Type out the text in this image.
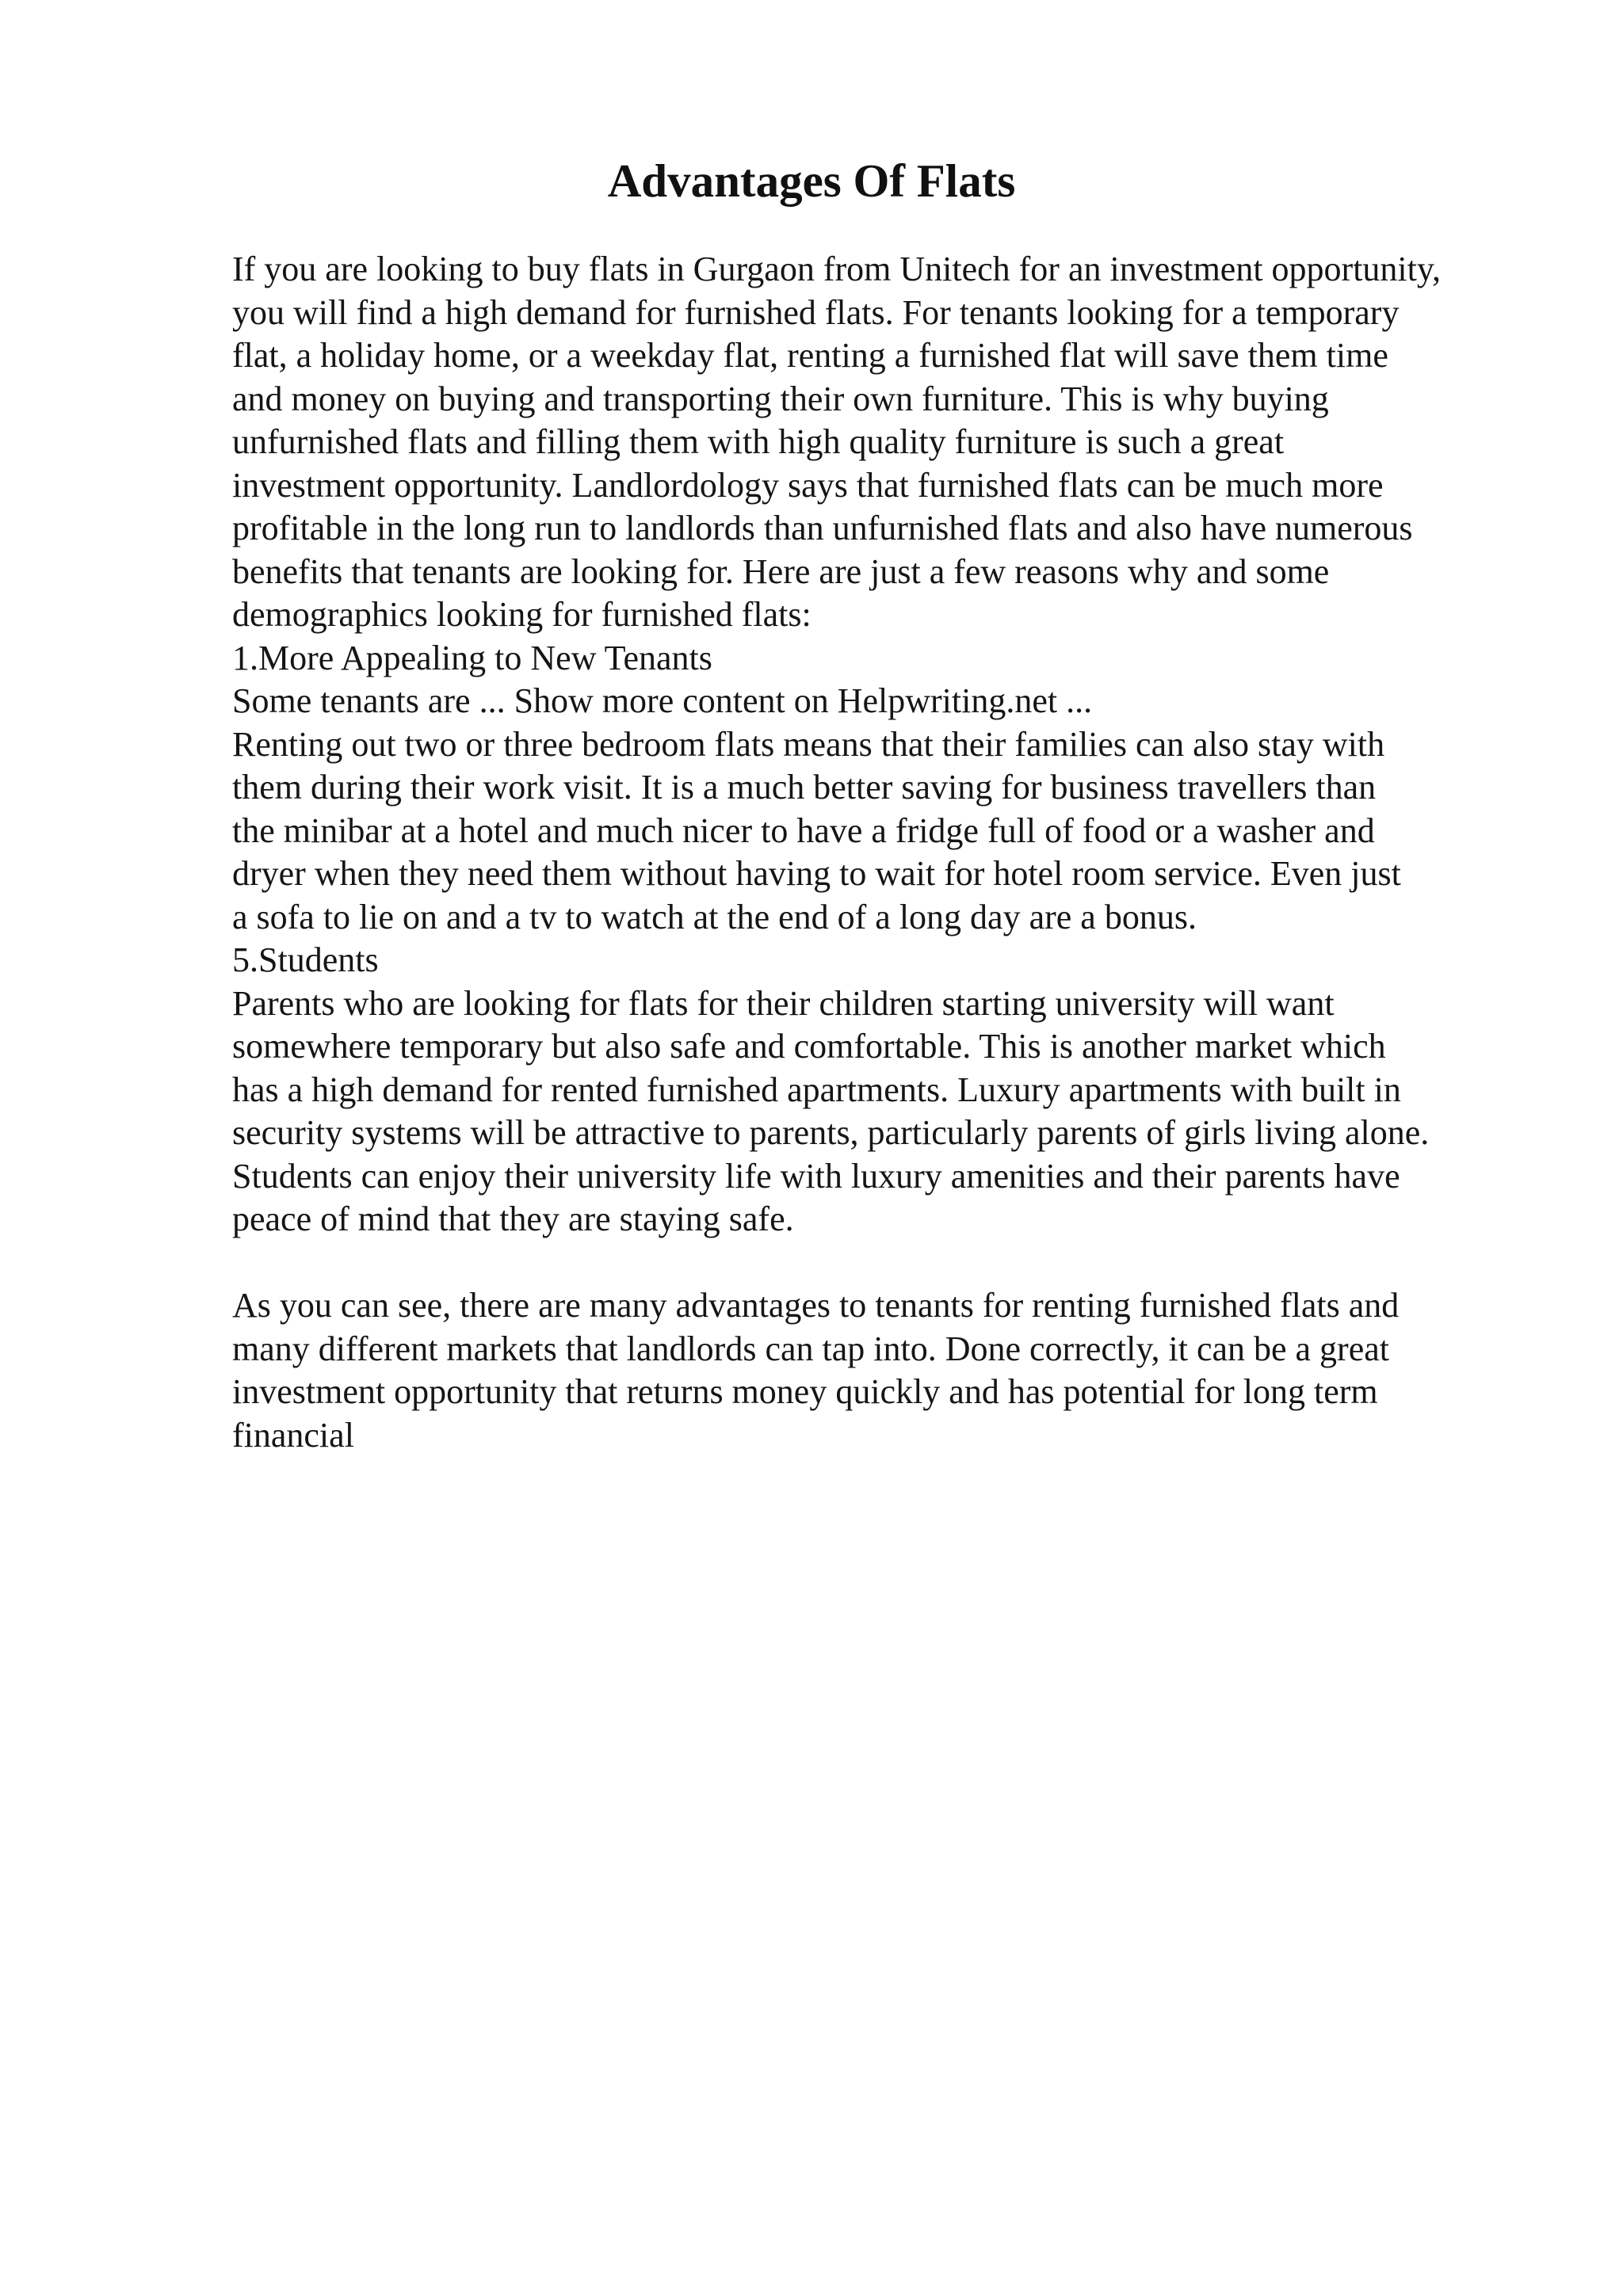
Advantages Of Flats
If you are looking to buy flats in Gurgaon from Unitech for an investment opportunity,
you will find a high demand for furnished flats. For tenants looking for a temporary
flat, a holiday home, or a weekday flat, renting a furnished flat will save them time
and money on buying and transporting their own furniture. This is why buying
unfurnished flats and filling them with high quality furniture is such a great
investment opportunity. Landlordology says that furnished flats can be much more
profitable in the long run to landlords than unfurnished flats and also have numerous
benefits that tenants are looking for. Here are just a few reasons why and some
demographics looking for furnished flats:
1.More Appealing to New Tenants
Some tenants are ... Show more content on Helpwriting.net ...
Renting out two or three bedroom flats means that their families can also stay with
them during their work visit. It is a much better saving for business travellers than
the minibar at a hotel and much nicer to have a fridge full of food or a washer and
dryer when they need them without having to wait for hotel room service. Even just
a sofa to lie on and a tv to watch at the end of a long day are a bonus.
5.Students
Parents who are looking for flats for their children starting university will want
somewhere temporary but also safe and comfortable. This is another market which
has a high demand for rented furnished apartments. Luxury apartments with built in
security systems will be attractive to parents, particularly parents of girls living alone.
Students can enjoy their university life with luxury amenities and their parents have
peace of mind that they are staying safe.
As you can see, there are many advantages to tenants for renting furnished flats and
many different markets that landlords can tap into. Done correctly, it can be a great
investment opportunity that returns money quickly and has potential for long term
financial
